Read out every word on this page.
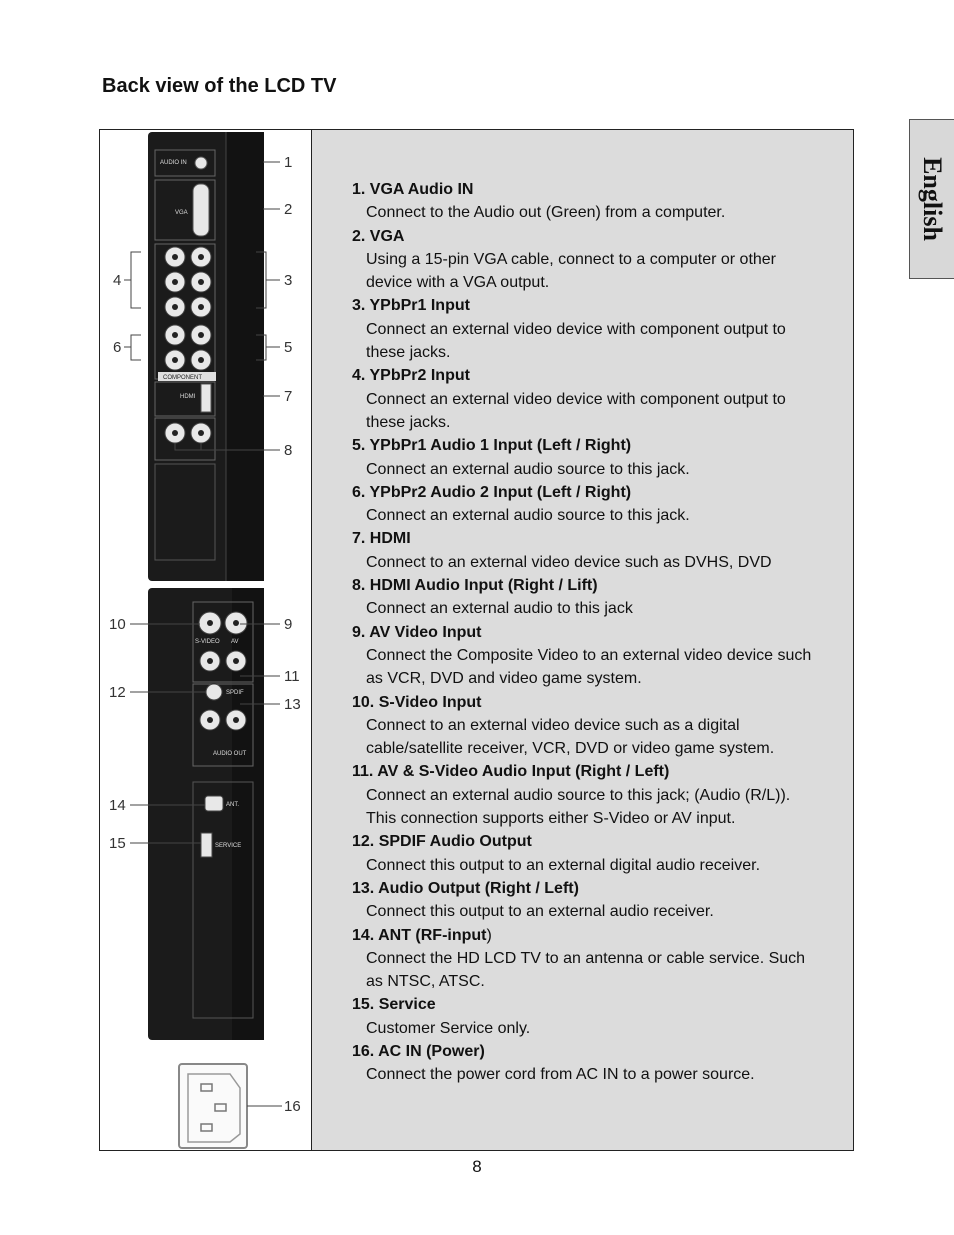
Back view of the LCD TV
English
AUDIO IN
VGA
COMPONENT
HDMI
S-VIDEO AV
SPDIF
AUDIO OUT
ANT.
SERVICE
1
2
3
4
5
6
7
8
9
10
11
12
13
14
15
16
1. VGA Audio IN
Connect to the Audio out (Green) from a computer.
2. VGA
Using a 15-pin VGA cable, connect to a computer or other device with a VGA output.
3. YPbPr1 Input
Connect an external video device with component output to these jacks.
4. YPbPr2 Input
Connect an external video device with component output to these jacks.
5. YPbPr1 Audio 1 Input (Left / Right)
Connect an external audio source to this jack.
6. YPbPr2 Audio 2 Input (Left / Right)
Connect an external audio source to this jack.
7. HDMI
Connect to an external video device such as DVHS, DVD
8. HDMI Audio Input (Right / Lift)
Connect an external audio to this jack
9. AV Video Input
Connect the Composite Video to an external video device such as VCR, DVD and video game system.
10. S-Video Input
Connect to an external video device such as a digital cable/satellite receiver, VCR, DVD or video game system.
11. AV & S-Video Audio Input (Right / Left)
Connect an external audio source to this jack; (Audio (R/L)).
This connection supports either S-Video or AV input.
12. SPDIF Audio Output
Connect this output to an external digital audio receiver.
13. Audio Output (Right / Left)
Connect this output to an external audio receiver.
14. ANT (RF-input)
Connect the HD LCD TV to an antenna or cable service. Such as NTSC, ATSC.
15. Service
Customer Service only.
16. AC IN (Power)
Connect the power cord from AC IN to a power source.
8
